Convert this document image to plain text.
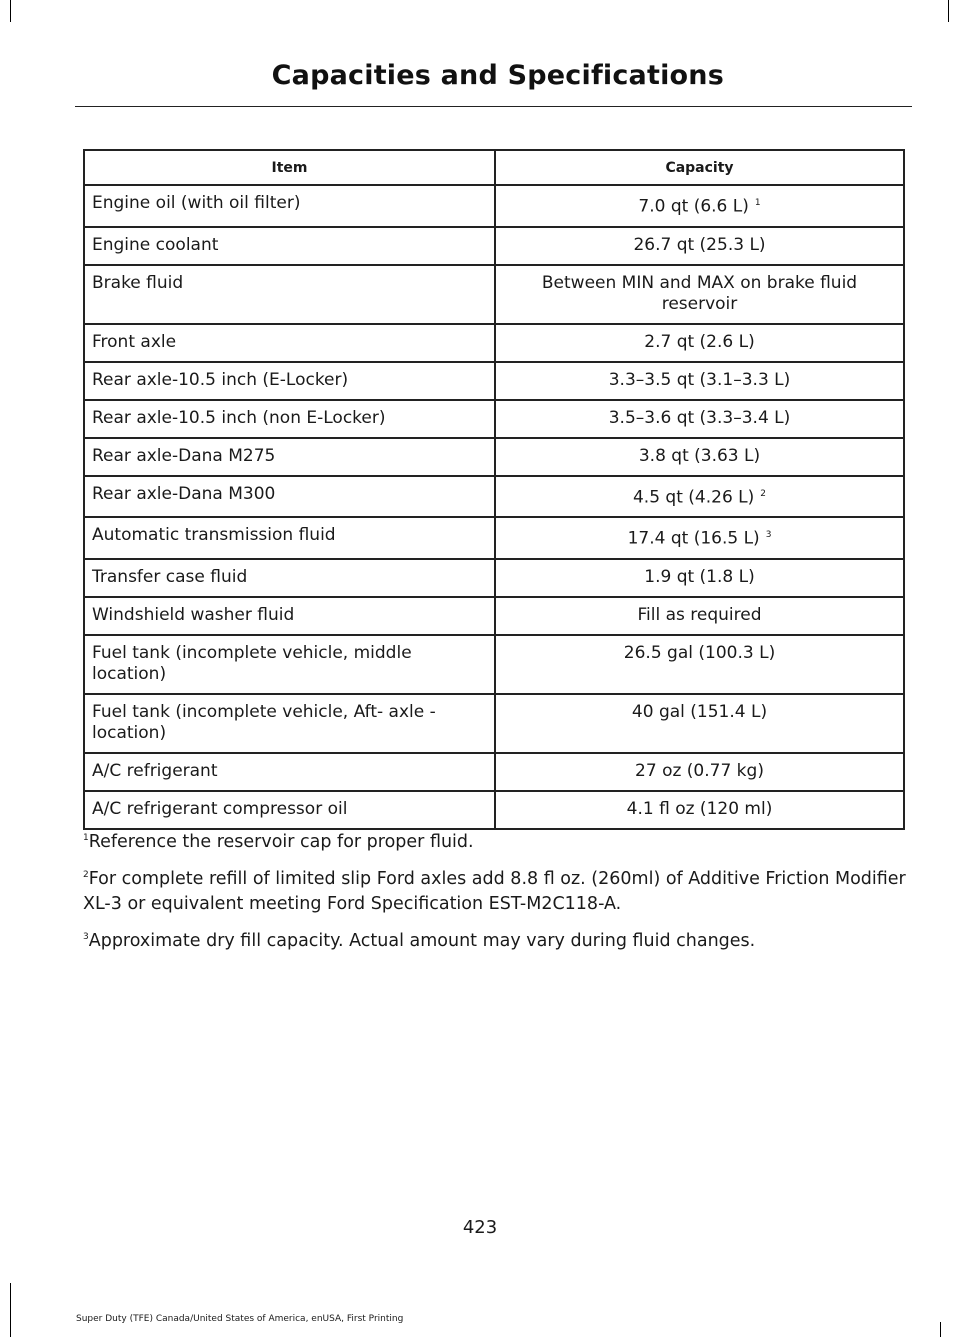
Capacities and Specifications
Item	Capacity
Engine oil (with oil filter)	7.0 qt (6.6 L) $^1$
Engine coolant	26.7 qt (25.3 L)
Brake fluid	Between MIN and MAX on brake fluid reservoir
Front axle	2.7 qt (2.6 L)
Rear axle-10.5 inch (E-Locker)	3.3–3.5 qt (3.1–3.3 L)
Rear axle-10.5 inch (non E-Locker)	3.5–3.6 qt (3.3–3.4 L)
Rear axle-Dana M275	3.8 qt (3.63 L)
Rear axle-Dana M300	4.5 qt (4.26 L) $^2$
Automatic transmission fluid	17.4 qt (16.5 L) $^3$
Transfer case fluid	1.9 qt (1.8 L)
Windshield washer fluid	Fill as required
Fuel tank (incomplete vehicle, middle location)	26.5 gal (100.3 L)
Fuel tank (incomplete vehicle, Aft- axle - location)	40 gal (151.4 L)
A/C refrigerant	27 oz (0.77 kg)
A/C refrigerant compressor oil	4.1 fl oz (120 ml)

$^1$Reference the reservoir cap for proper fluid.

$^2$For complete refill of limited slip Ford axles add 8.8 fl oz. (260ml) of Additive Friction Modifier XL-3 or equivalent meeting Ford Specification EST-M2C118-A.

$^3$Approximate dry fill capacity. Actual amount may vary during fluid changes.

423
Super Duty (TFE) Canada/United States of America, enUSA, First Printing
